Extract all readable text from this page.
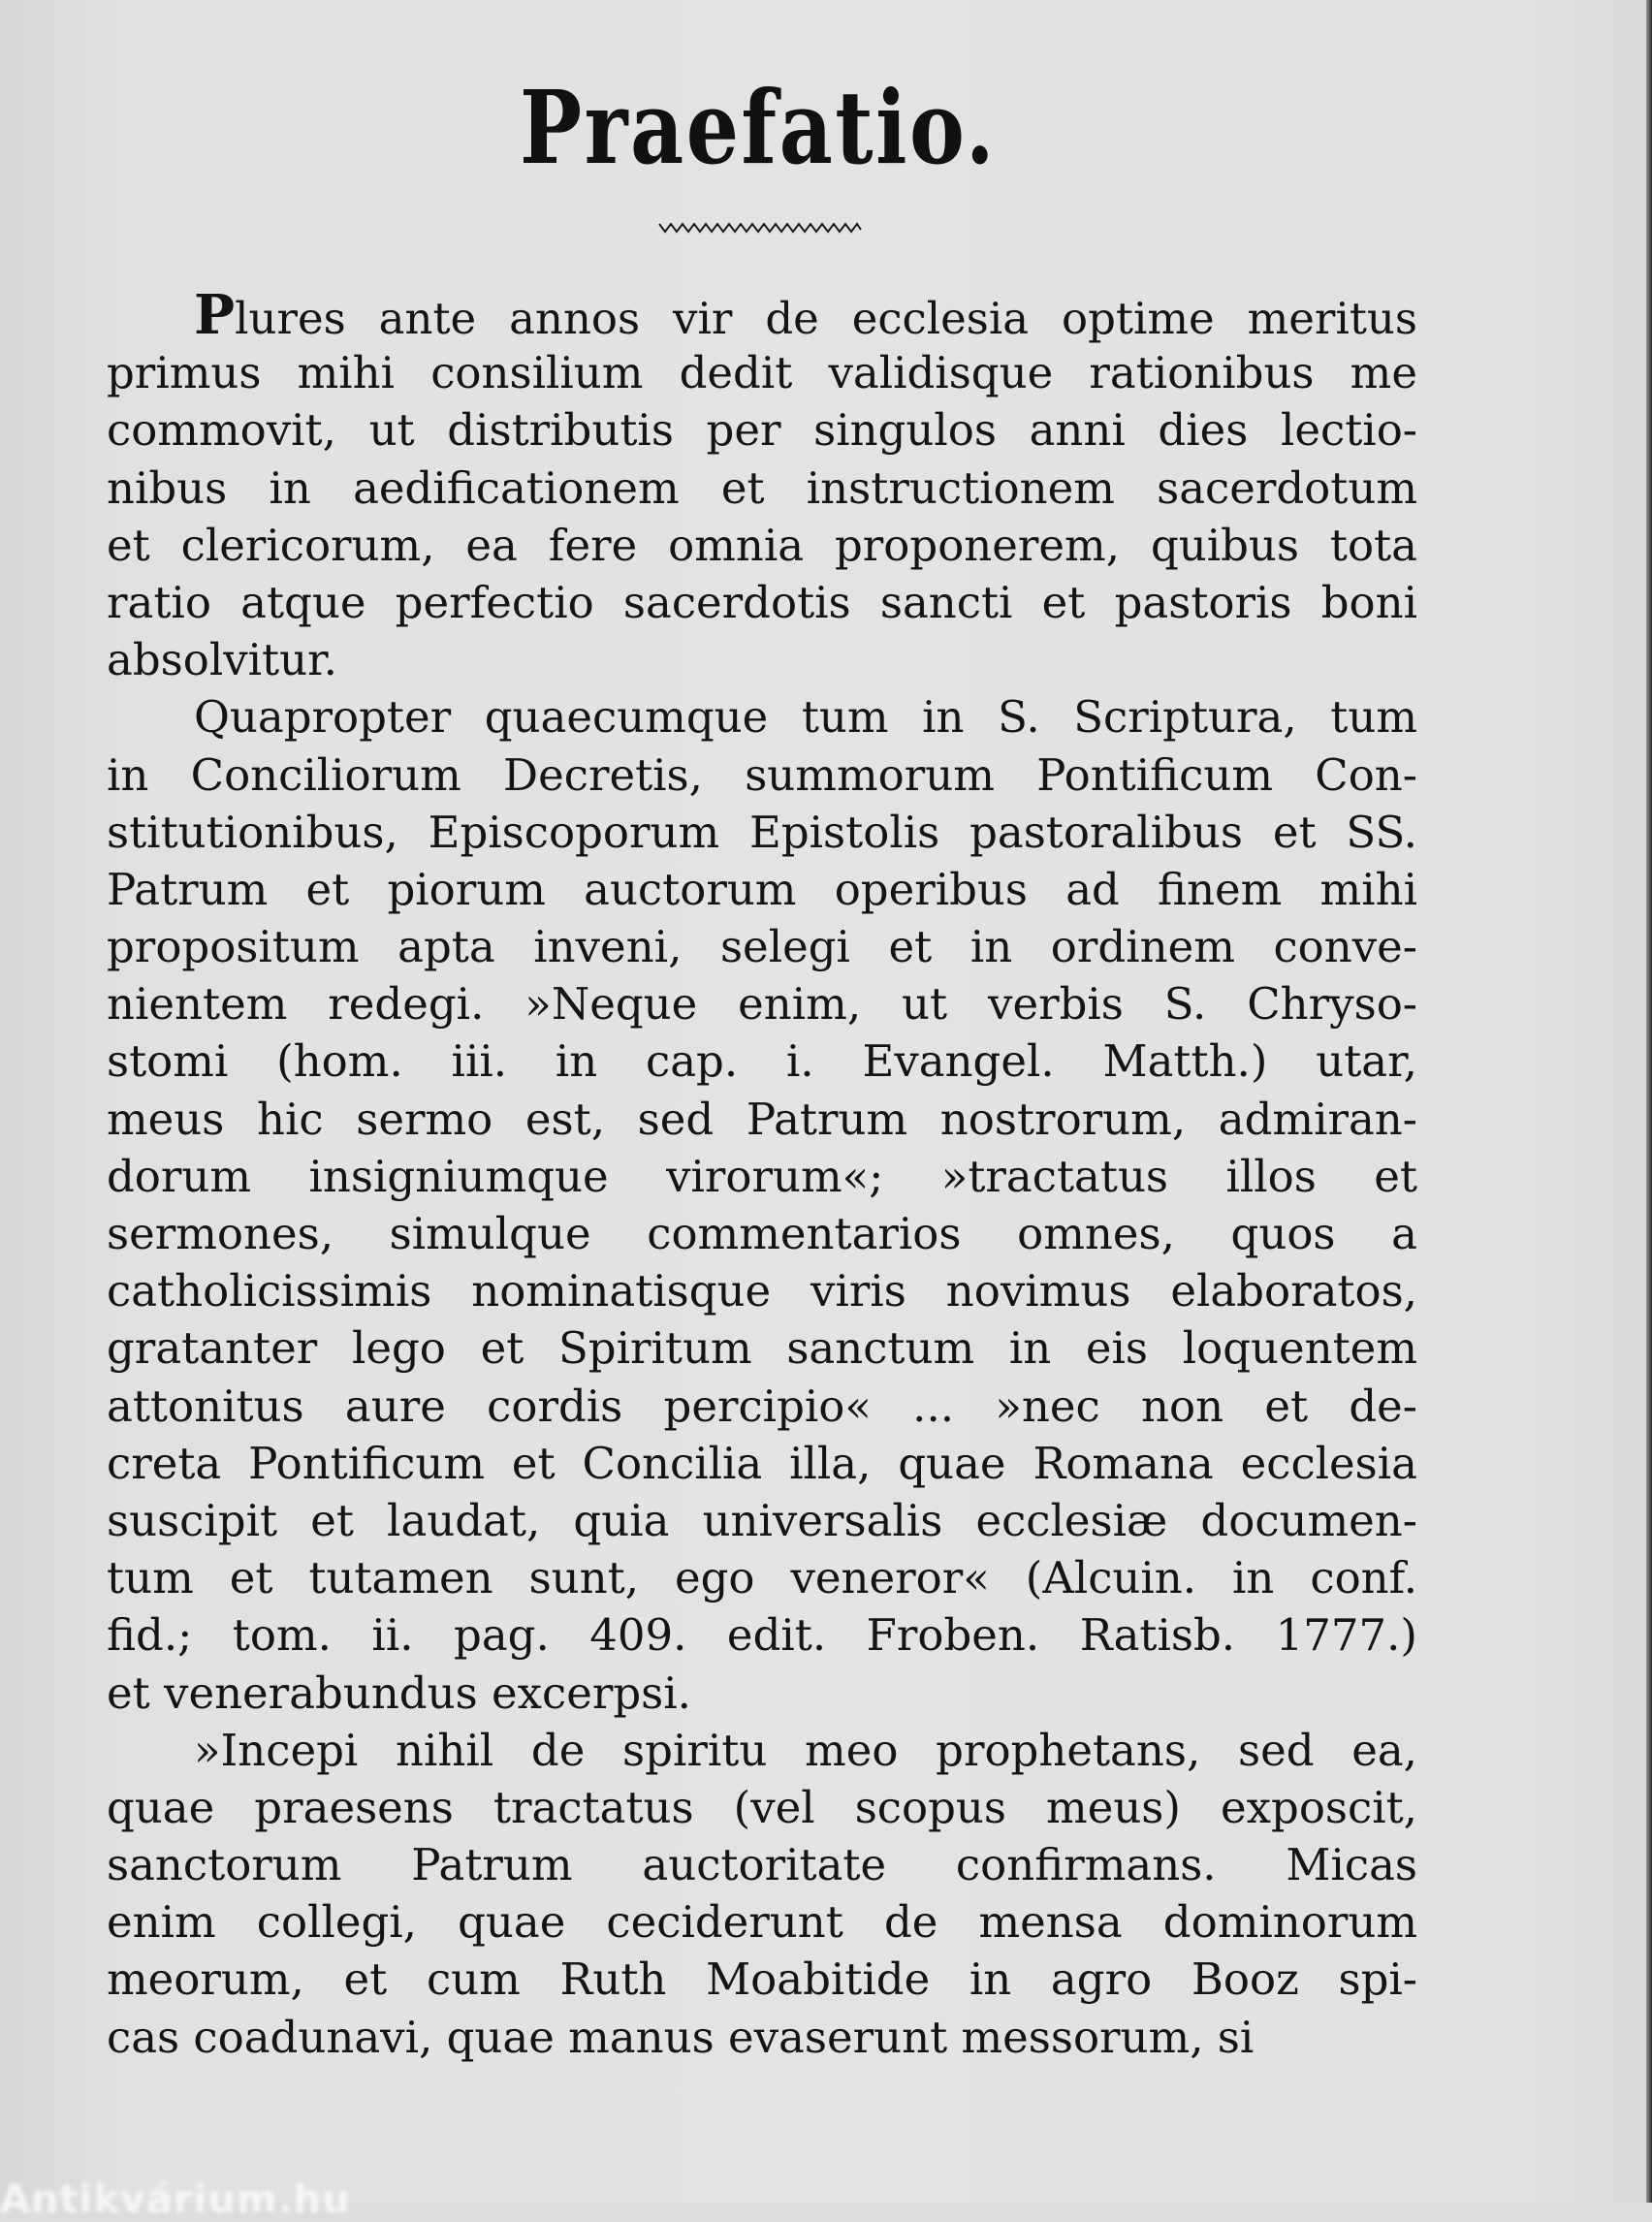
Praefatio.
Plures ante annos vir de ecclesia optime meritus
primus mihi consilium dedit validisque rationibus me
commovit, ut distributis per singulos anni dies lectio-
nibus in aedificationem et instructionem sacerdotum
et clericorum, ea fere omnia proponerem, quibus tota
ratio atque perfectio sacerdotis sancti et pastoris boni
absolvitur.
Quapropter quaecumque tum in S. Scriptura, tum
in Conciliorum Decretis, summorum Pontificum Con-
stitutionibus, Episcoporum Epistolis pastoralibus et SS.
Patrum et piorum auctorum operibus ad finem mihi
propositum apta inveni, selegi et in ordinem conve-
nientem redegi. »Neque enim, ut verbis S. Chryso-
stomi (hom. iii. in cap. i. Evangel. Matth.) utar,
meus hic sermo est, sed Patrum nostrorum, admiran-
dorum insigniumque virorum«; »tractatus illos et
sermones, simulque commentarios omnes, quos a
catholicissimis nominatisque viris novimus elaboratos,
gratanter lego et Spiritum sanctum in eis loquentem
attonitus aure cordis percipio« ... »nec non et de-
creta Pontificum et Concilia illa, quae Romana ecclesia
suscipit et laudat, quia universalis ecclesiæ documen-
tum et tutamen sunt, ego veneror« (Alcuin. in conf.
fid.; tom. ii. pag. 409. edit. Froben. Ratisb. 1777.)
et venerabundus excerpsi.
»Incepi nihil de spiritu meo prophetans, sed ea,
quae praesens tractatus (vel scopus meus) exposcit,
sanctorum Patrum auctoritate confirmans. Micas
enim collegi, quae ceciderunt de mensa dominorum
meorum, et cum Ruth Moabitide in agro Booz spi-
cas coadunavi, quae manus evaserunt messorum, si
Antikvárium.hu
